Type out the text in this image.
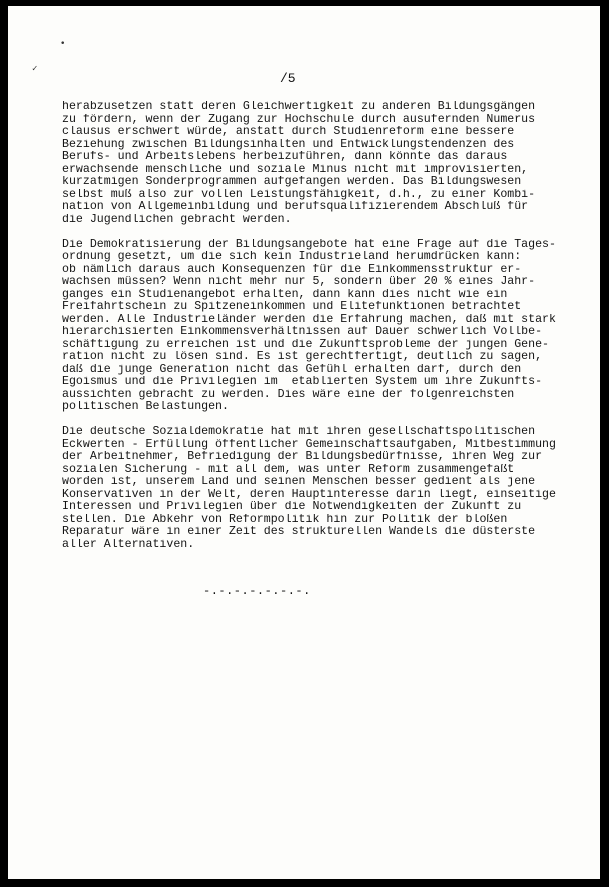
•
✓
/5
herabzusetzen statt deren Gleichwertigkeit zu anderen Bildungsgängen
zu fördern, wenn der Zugang zur Hochschule durch ausufernden Numerus
clausus erschwert würde, anstatt durch Studienreform eine bessere
Beziehung zwischen Bildungsinhalten und Entwicklungstendenzen des
Berufs- und Arbeitslebens herbeizuführen, dann könnte das daraus
erwachsende menschliche und soziale Minus nicht mit improvisierten,
kurzatmigen Sonderprogrammen aufgefangen werden. Das Bildungswesen
selbst muß also zur vollen Leistungsfähigkeit, d.h., zu einer Kombi-
nation von Allgemeinbildung und berufsqualifizierendem Abschluß für
die Jugendlichen gebracht werden.
Die Demokratisierung der Bildungsangebote hat eine Frage auf die Tages-
ordnung gesetzt, um die sich kein Industrieland herumdrücken kann:
ob nämlich daraus auch Konsequenzen für die Einkommensstruktur er-
wachsen müssen? Wenn nicht mehr nur 5, sondern über 20 % eines Jahr-
ganges ein Studienangebot erhalten, dann kann dies nicht wie ein
Freifahrtschein zu Spitzeneinkommen und Elitefunktionen betrachtet
werden. Alle Industrieländer werden die Erfahrung machen, daß mit stark
hierarchisierten Einkommensverhältnissen auf Dauer schwerlich Vollbe-
schäftigung zu erreichen ist und die Zukunftsprobleme der jungen Gene-
ration nicht zu lösen sind. Es ist gerechtfertigt, deutlich zu sagen,
daß die junge Generation nicht das Gefühl erhalten darf, durch den
Egoismus und die Privilegien im  etablierten System um ihre Zukunfts-
aussichten gebracht zu werden. Dies wäre eine der folgenreichsten
politischen Belastungen.
Die deutsche Sozialdemokratie hat mit ihren gesellschaftspolitischen
Eckwerten - Erfüllung öffentlicher Gemeinschaftsaufgaben, Mitbestimmung
der Arbeitnehmer, Befriedigung der Bildungsbedürfnisse, ihren Weg zur
sozialen Sicherung - mit all dem, was unter Reform zusammengefaßt
worden ist, unserem Land und seinen Menschen besser gedient als jene
Konservativen in der Welt, deren Hauptinteresse darin liegt, einseitige
Interessen und Privilegien über die Notwendigkeiten der Zukunft zu
stellen. Die Abkehr von Reformpolitik hin zur Politik der bloßen
Reparatur wäre in einer Zeit des strukturellen Wandels die düsterste
aller Alternativen.
-.-.-.-.-.-.-.
